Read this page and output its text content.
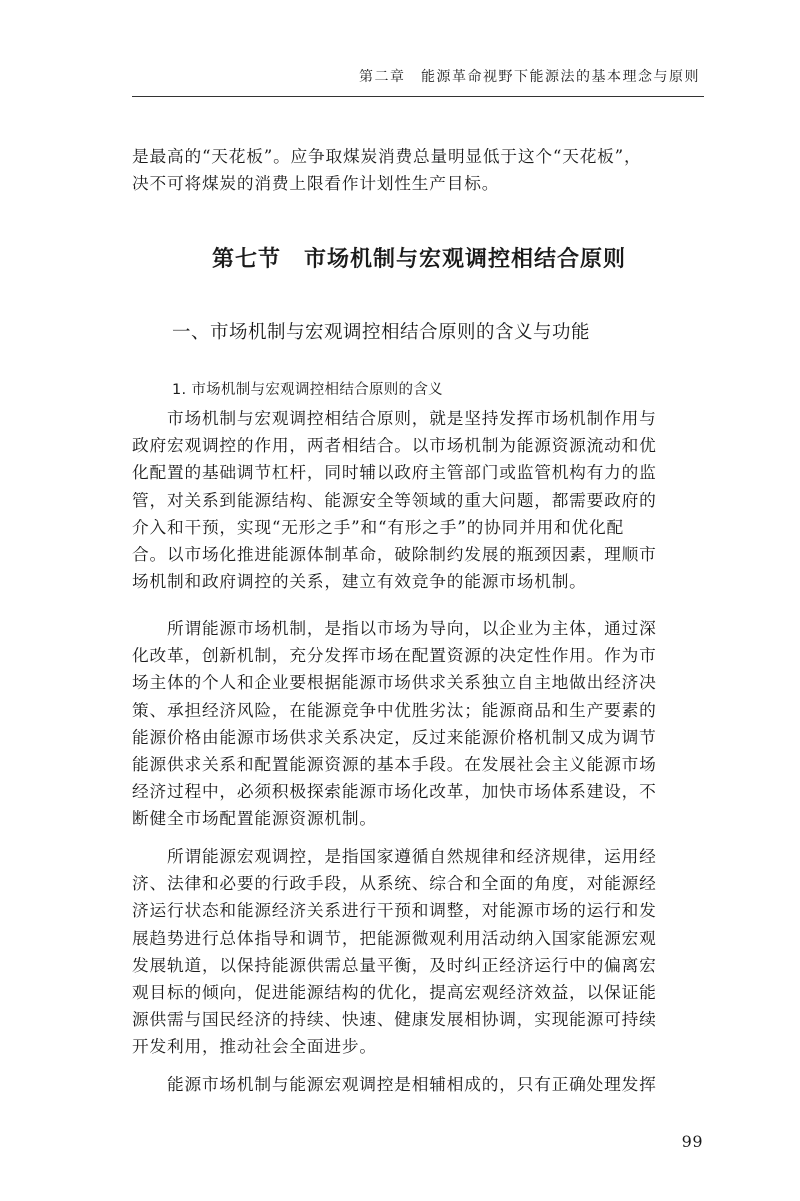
第二章　能源革命视野下能源法的基本理念与原则

是最高的“天花板”。应争取煤炭消费总量明显低于这个“天花板”，
决不可将煤炭的消费上限看作计划性生产目标。

第七节　市场机制与宏观调控相结合原则
一、市场机制与宏观调控相结合原则的含义与功能
1. 市场机制与宏观调控相结合原则的含义

　　市场机制与宏观调控相结合原则，就是坚持发挥市场机制作用与
政府宏观调控的作用，两者相结合。以市场机制为能源资源流动和优
化配置的基础调节杠杆，同时辅以政府主管部门或监管机构有力的监
管，对关系到能源结构、能源安全等领域的重大问题，都需要政府的
介入和干预，实现“无形之手”和“有形之手”的协同并用和优化配
合。以市场化推进能源体制革命，破除制约发展的瓶颈因素，理顺市
场机制和政府调控的关系，建立有效竞争的能源市场机制。

　　所谓能源市场机制，是指以市场为导向，以企业为主体，通过深
化改革，创新机制，充分发挥市场在配置资源的决定性作用。作为市
场主体的个人和企业要根据能源市场供求关系独立自主地做出经济决
策、承担经济风险，在能源竞争中优胜劣汰；能源商品和生产要素的
能源价格由能源市场供求关系决定，反过来能源价格机制又成为调节
能源供求关系和配置能源资源的基本手段。在发展社会主义能源市场
经济过程中，必须积极探索能源市场化改革，加快市场体系建设，不
断健全市场配置能源资源机制。

　　所谓能源宏观调控，是指国家遵循自然规律和经济规律，运用经
济、法律和必要的行政手段，从系统、综合和全面的角度，对能源经
济运行状态和能源经济关系进行干预和调整，对能源市场的运行和发
展趋势进行总体指导和调节，把能源微观利用活动纳入国家能源宏观
发展轨道，以保持能源供需总量平衡，及时纠正经济运行中的偏离宏
观目标的倾向，促进能源结构的优化，提高宏观经济效益，以保证能
源供需与国民经济的持续、快速、健康发展相协调，实现能源可持续
开发利用，推动社会全面进步。

　　能源市场机制与能源宏观调控是相辅相成的，只有正确处理发挥

99
